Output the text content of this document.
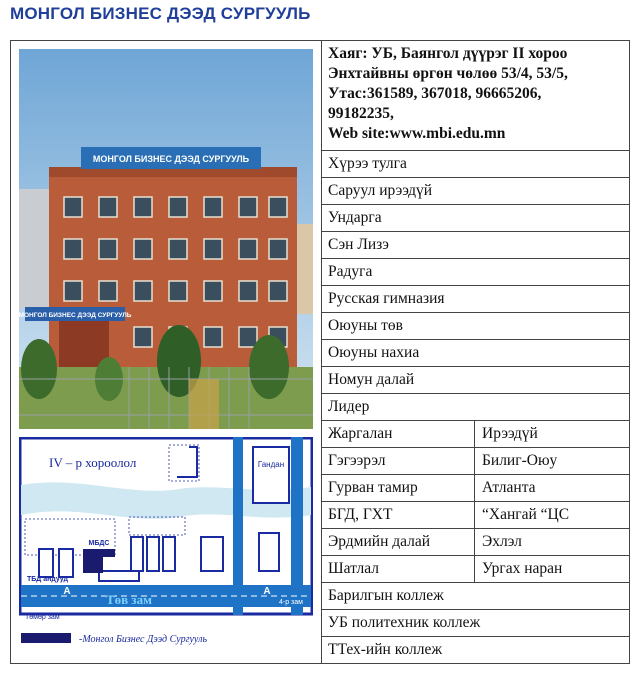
МОНГОЛ БИЗНЕС ДЭЭД СУРГУУЛЬ
МОНГОЛ БИЗНЕС ДЭЭД СУРГУУЛЬ
МОНГОЛ БИЗНЕС ДЭЭД СУРГУУЛЬ
IV – р хороолол	Гандан
МБДС
ТБД андууд
А	А
Төв зам	4-р зам
Төмөр зам
-Монгол Бизнес Дээд Сургууль
Хаяг: УБ, Баянгол дүүрэг II хороо
Энхтайвны өргөн чөлөө 53/4, 53/5,
Утас:361589, 367018, 96665206,
99182235,
Web site:www.mbi.edu.mn
Хүрээ тулга
Саруул ирээдүй
Ундарга
Сэн Лизэ
Радуга
Русская гимназия
Оюуны төв
Оюуны нахиа
Номун далай
Лидер
Жаргалан	Ирээдүй
Гэгээрэл	Билиг-Оюу
Гурван тамир	Атланта
БГД, ГХТ	“Хангай “ЦС
Эрдмийн далай	Эхлэл
Шатлал	Ургах наран
Барилгын коллеж
УБ политехник коллеж
ТТех-ийн коллеж
